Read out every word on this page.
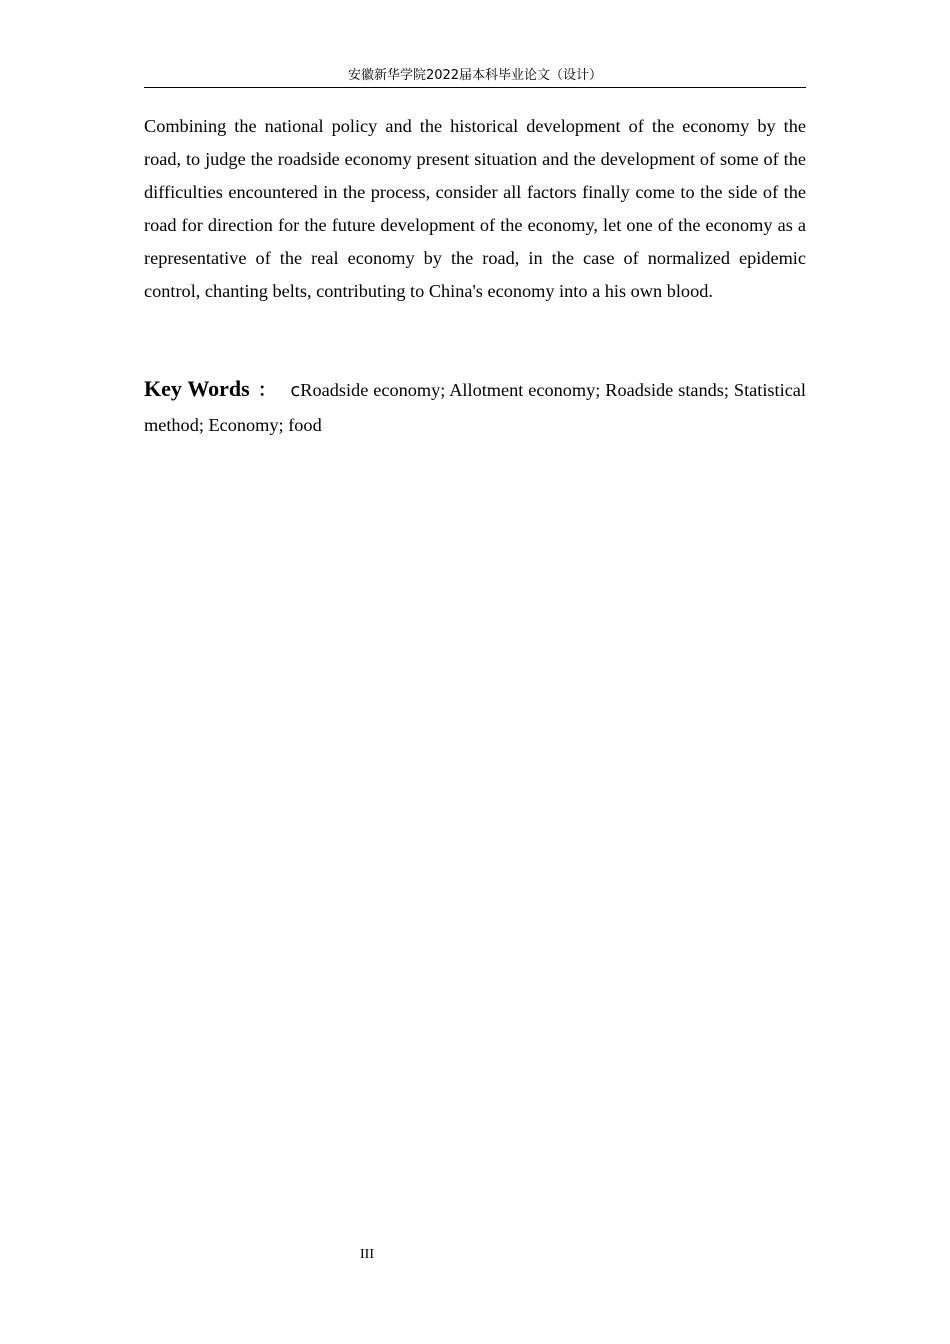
安徽新华学院2022届本科毕业论文（设计）

Combining the national policy and the historical development of the economy by the road, to judge the roadside economy present situation and the development of some of the difficulties encountered in the process, consider all factors finally come to the side of the road for direction for the future development of the economy, let one of the economy as a representative of the real economy by the road, in the case of normalized epidemic control, chanting belts, contributing to China's economy into a his own blood.

Key Words ： cRoadside economy; Allotment economy; Roadside stands; Statistical method; Economy; food

III
